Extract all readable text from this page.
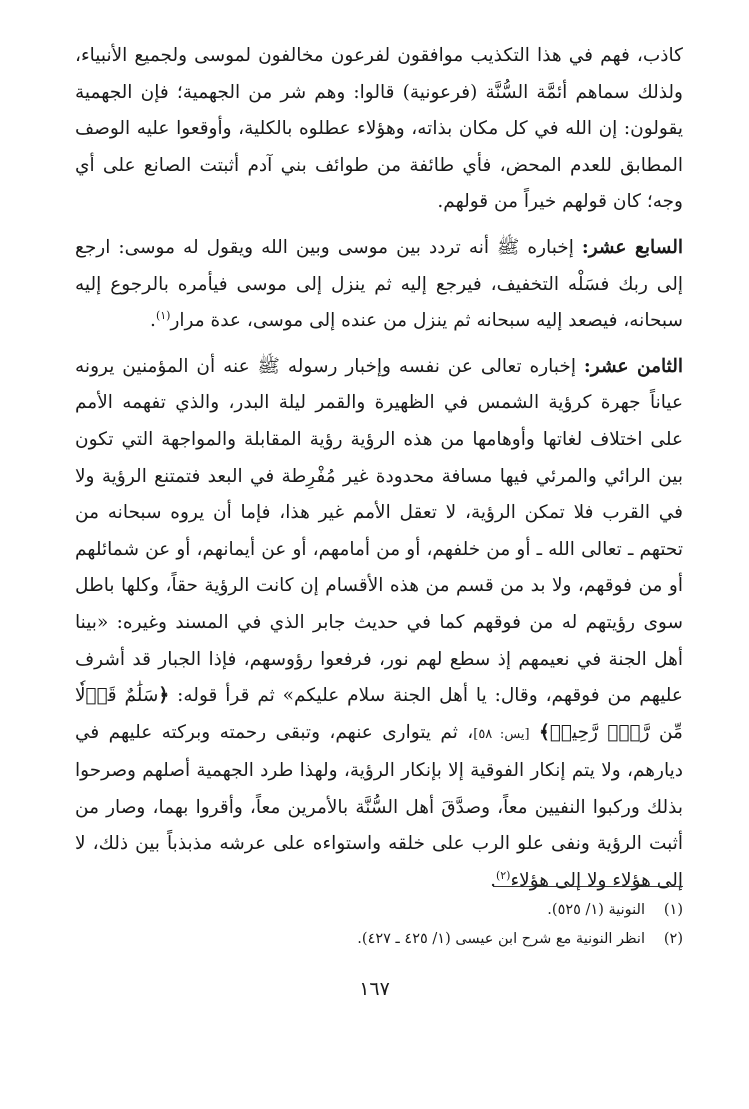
كاذب، فهم في هذا التكذيب موافقون لفرعون مخالفون لموسى ولجميع الأنبياء، ولذلك سماهم أئمَّة السُّنَّة (فرعونية) قالوا: وهم شر من الجهمية؛ فإن الجهمية يقولون: إن الله في كل مكان بذاته، وهؤلاء عطلوه بالكلية، وأوقعوا عليه الوصف المطابق للعدم المحض، فأي طائفة من طوائف بني آدم أثبتت الصانع على أي وجه؛ كان قولهم خيراً من قولهم.

السابع عشر: إخباره ﷺ أنه تردد بين موسى وبين الله ويقول له موسى: ارجع إلى ربك فسَلْه التخفيف، فيرجع إليه ثم ينزل إلى موسى فيأمره بالرجوع إليه سبحانه، فيصعد إليه سبحانه ثم ينزل من عنده إلى موسى، عدة مرار$^{(١)}$.

الثامن عشر: إخباره تعالى عن نفسه وإخبار رسوله ﷺ عنه أن المؤمنين يرونه عياناً جهرة كرؤية الشمس في الظهيرة والقمر ليلة البدر، والذي تفهمه الأمم على اختلاف لغاتها وأوهامها من هذه الرؤية رؤية المقابلة والمواجهة التي تكون بين الرائي والمرئي فيها مسافة محدودة غير مُفْرِطة في البعد فتمتنع الرؤية ولا في القرب فلا تمكن الرؤية، لا تعقل الأمم غير هذا، فإما أن يروه سبحانه من تحتهم ـ تعالى الله ـ أو من خلفهم، أو من أمامهم، أو عن أيمانهم، أو عن شمائلهم أو من فوقهم، ولا بد من قسم من هذه الأقسام إن كانت الرؤية حقاً، وكلها باطل سوى رؤيتهم له من فوقهم كما في حديث جابر الذي في المسند وغيره: «بينا أهل الجنة في نعيمهم إذ سطع لهم نور، فرفعوا رؤوسهم، فإذا الجبار قد أشرف عليهم من فوقهم، وقال: يا أهل الجنة سلام عليكم» ثم قرأ قوله: ﴿سَلَٰمٌ قَوۡلٗا مِّن رَّبّٖ رَّحِيمٖ﴾ [يس: ٥٨]، ثم يتوارى عنهم، وتبقى رحمته وبركته عليهم في ديارهم، ولا يتم إنكار الفوقية إلا بإنكار الرؤية، ولهذا طرد الجهمية أصلهم وصرحوا بذلك وركبوا النفيين معاً، وصدَّقَ أهل السُّنَّة بالأمرين معاً، وأقروا بهما، وصار من أثبت الرؤية ونفى علو الرب على خلقه واستواءه على عرشه مذبذباً بين ذلك، لا إلى هؤلاء ولا إلى هؤلاء$^{(٢)}$.

(١)
النونية (١/ ٥٢٥).
(٢)
انظر النونية مع شرح ابن عيسى (١/ ٤٢٥ ـ ٤٢٧).
١٦٧
